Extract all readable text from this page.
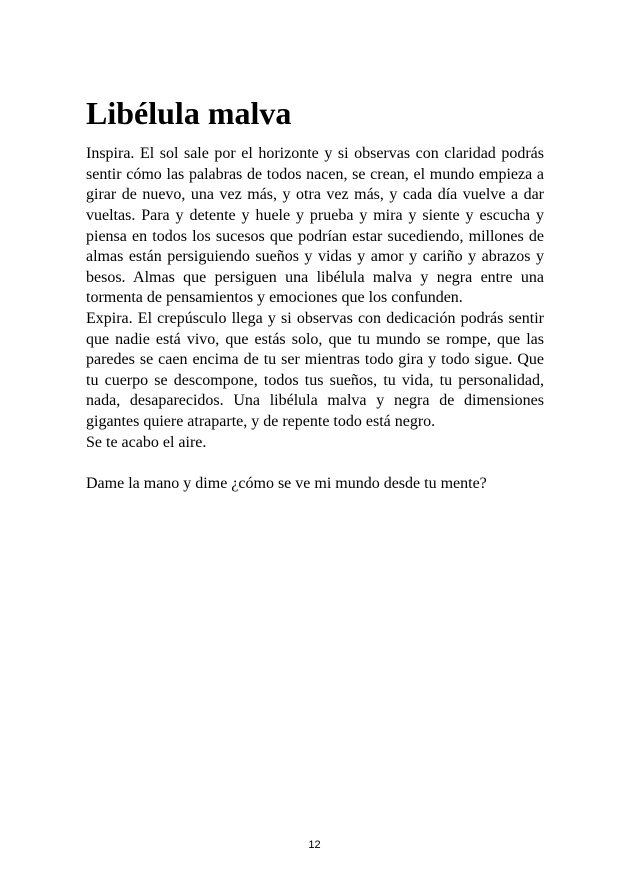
Libélula malva

Inspira. El sol sale por el horizonte y si observas con claridad podrás sentir cómo las palabras de todos nacen, se crean, el mundo empieza a girar de nuevo, una vez más, y otra vez más, y cada día vuelve a dar vueltas. Para y detente y huele y prueba y mira y siente y escucha y piensa en todos los sucesos que podrían estar sucediendo, millones de almas están persiguiendo sueños y vidas y amor y cariño y abrazos y besos. Almas que persiguen una libélula malva y negra entre una tormenta de pensamientos y emociones que los confunden.

Expira. El crepúsculo llega y si observas con dedicación podrás sentir que nadie está vivo, que estás solo, que tu mundo se rompe, que las paredes se caen encima de tu ser mientras todo gira y todo sigue. Que tu cuerpo se descompone, todos tus sueños, tu vida, tu personalidad, nada, desaparecidos. Una libélula malva y negra de dimensiones gigantes quiere atraparte, y de repente todo está negro.

Se te acabo el aire.

Dame la mano y dime ¿cómo se ve mi mundo desde tu mente?

12
